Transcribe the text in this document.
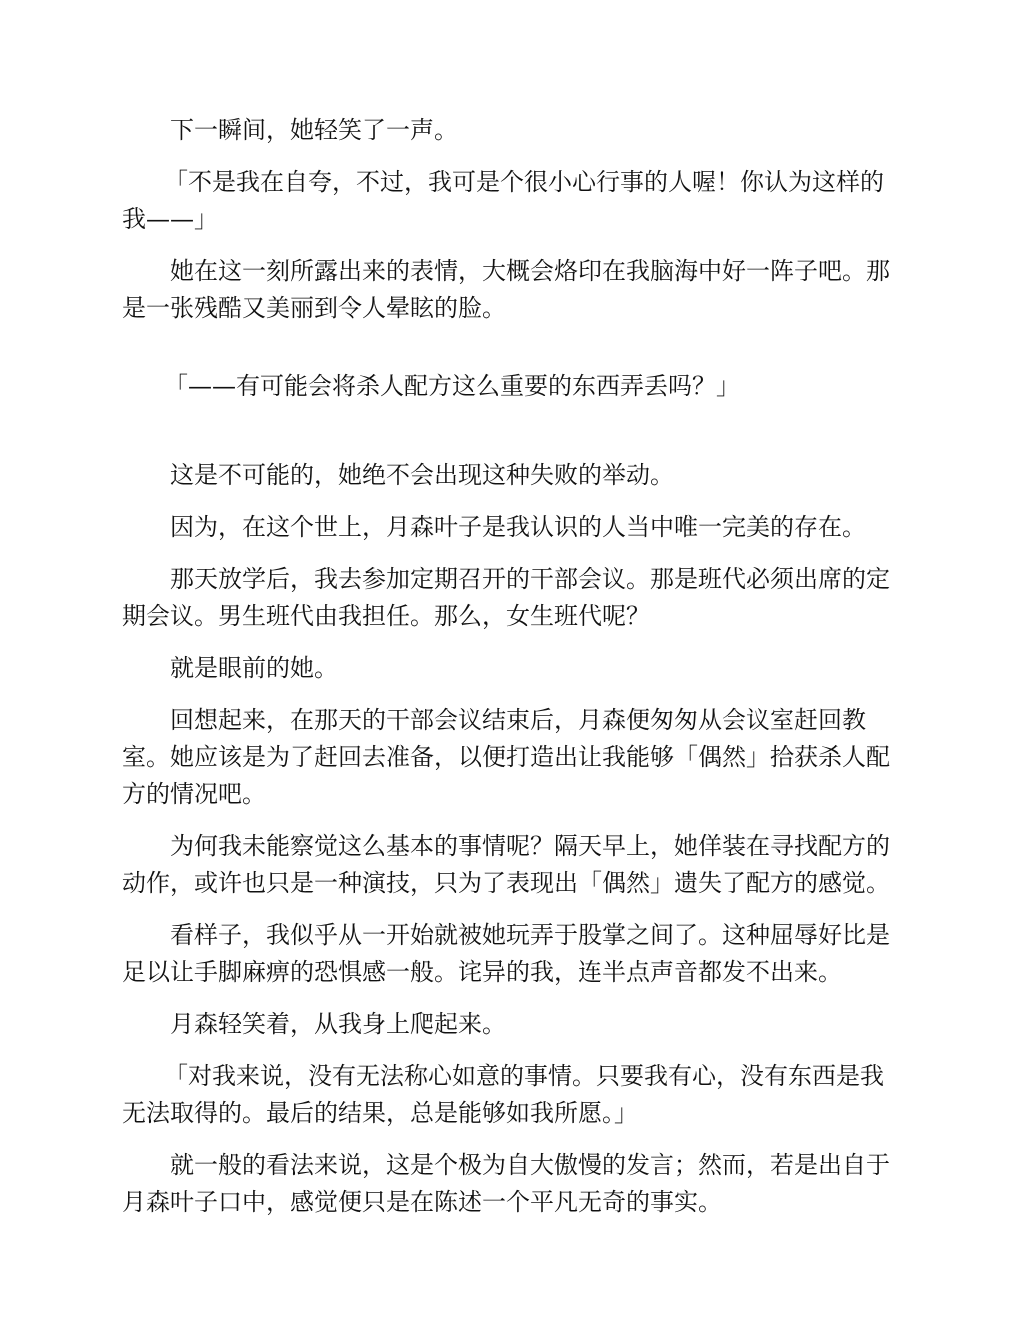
下一瞬间，她轻笑了一声。

「不是我在自夸，不过，我可是个很小心行事的人喔！你认为这样的我——」

她在这一刻所露出来的表情，大概会烙印在我脑海中好一阵子吧。那是一张残酷又美丽到令人晕眩的脸。

「——有可能会将杀人配方这么重要的东西弄丢吗？」

这是不可能的，她绝不会出现这种失败的举动。

因为，在这个世上，月森叶子是我认识的人当中唯一完美的存在。

那天放学后，我去参加定期召开的干部会议。那是班代必须出席的定期会议。男生班代由我担任。那么，女生班代呢？

就是眼前的她。

回想起来，在那天的干部会议结束后，月森便匆匆从会议室赶回教室。她应该是为了赶回去准备，以便打造出让我能够「偶然」拾获杀人配方的情况吧。

为何我未能察觉这么基本的事情呢？隔天早上，她佯装在寻找配方的动作，或许也只是一种演技，只为了表现出「偶然」遗失了配方的感觉。

看样子，我似乎从一开始就被她玩弄于股掌之间了。这种屈辱好比是足以让手脚麻痹的恐惧感一般。诧异的我，连半点声音都发不出来。

月森轻笑着，从我身上爬起来。

「对我来说，没有无法称心如意的事情。只要我有心，没有东西是我无法取得的。最后的结果，总是能够如我所愿。」

就一般的看法来说，这是个极为自大傲慢的发言；然而，若是出自于月森叶子口中，感觉便只是在陈述一个平凡无奇的事实。
